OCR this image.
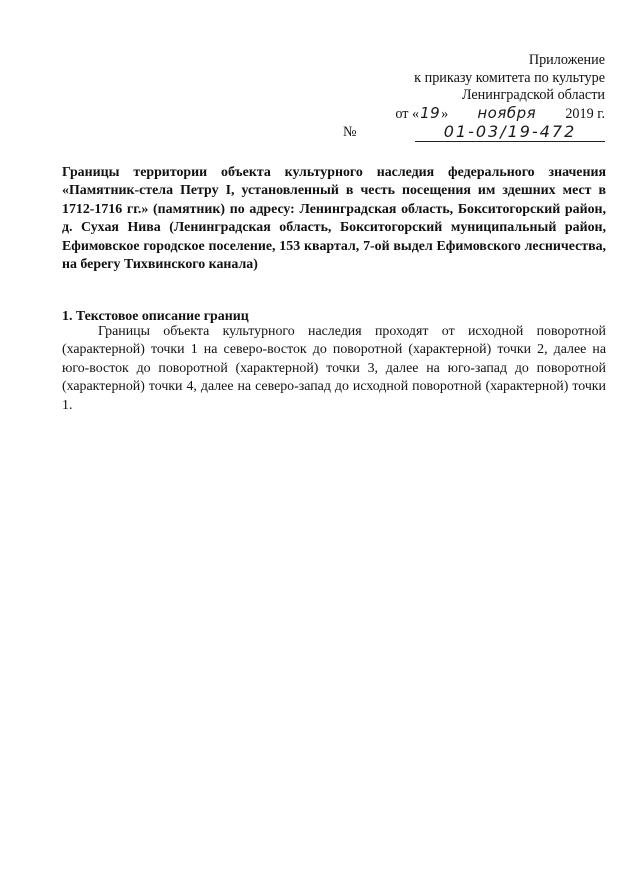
Приложение
к приказу комитета по культуре
Ленинградской области
от «19» ноября 2019 г.
№	01-03/19-472
Границы территории объекта культурного наследия федерального значения «Памятник-стела Петру I, установленный в честь посещения им здешних мест в 1712-1716 гг.» (памятник) по адресу: Ленинградская область, Бокситогорский район, д. Сухая Нива (Ленинградская область, Бокситогорский муниципальный район, Ефимовское городское поселение, 153 квартал, 7-ой выдел Ефимовского лесничества, на берегу Тихвинского канала)
1. Текстовое описание границ
Границы объекта культурного наследия проходят от исходной поворотной (характерной) точки 1 на северо-восток до поворотной (характерной) точки 2, далее на юго-восток до поворотной (характерной) точки 3, далее на юго-запад до поворотной (характерной) точки 4, далее на северо-запад до исходной поворотной (характерной) точки 1.
